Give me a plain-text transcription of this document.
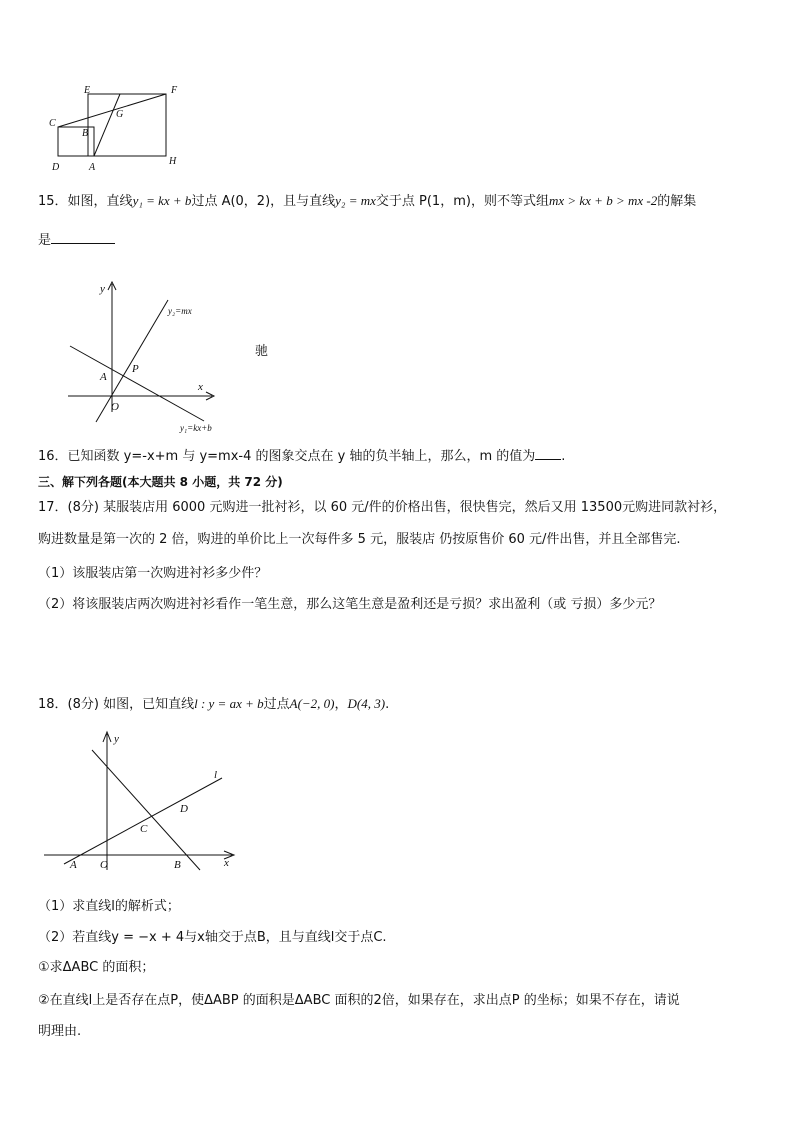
E	F
C
G
B
D	A
H
15．如图，直线y₁ = kx + b过点 A(0，2)，且与直线y₂ = mx交于点 P(1，m)，则不等式组mx > kx + b > mx -2的解集
是
y
x
O
A
P
y₂=mx
y₁=kx+b
驰
16．已知函数 y=-x+m 与 y=mx-4 的图象交点在 y 轴的负半轴上，那么，m 的值为 .
三、解下列各题(本大题共 8 小题，共 72 分)
17．(8分) 某服装店用 6000 元购进一批衬衫，以 60 元/件的价格出售，很快售完，然后又用 13500元购进同款衬衫，
购进数量是第一次的 2 倍，购进的单价比上一次每件多 5 元，服装店 仍按原售价 60 元/件出售，并且全部售完.
（1）该服装店第一次购进衬衫多少件？
（2）将该服装店两次购进衬衫看作一笔生意，那么这笔生意是盈利还是亏损？求出盈利（或 亏损）多少元？
18．(8分) 如图，已知直线l : y = ax + b过点A(−2, 0)，D(4, 3).
y
x
O
A	B
C
D
l
（1）求直线l的解析式；
（2）若直线y = −x + 4与x轴交于点B，且与直线l交于点C.
①求ΔABC 的面积；
②在直线l上是否存在点P，使ΔABP 的面积是ΔABC 面积的2倍，如果存在，求出点P 的坐标；如果不存在，请说
明理由.
